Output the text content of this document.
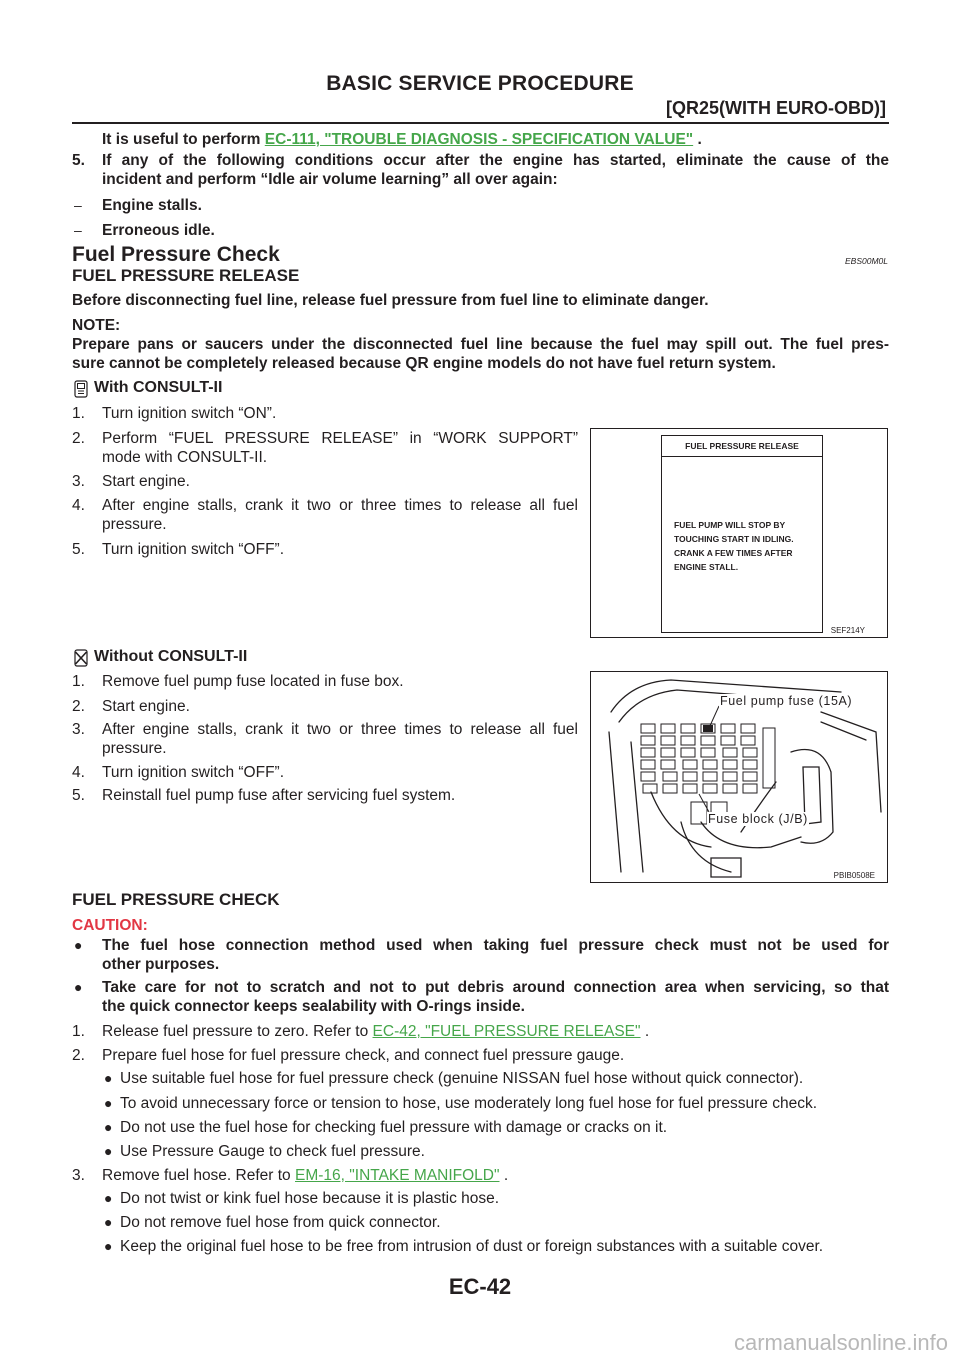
BASIC SERVICE PROCEDURE
[QR25(WITH EURO-OBD)]
It is useful to perform EC-111, "TROUBLE DIAGNOSIS - SPECIFICATION VALUE" .
5. If any of the following conditions occur after the engine has started, eliminate the cause of the
incident and perform “Idle air volume learning” all over again:
– Engine stalls.
– Erroneous idle.
Fuel Pressure Check	EBS00M0L
FUEL PRESSURE RELEASE
Before disconnecting fuel line, release fuel pressure from fuel line to eliminate danger.
NOTE:
Prepare pans or saucers under the disconnected fuel line because the fuel may spill out. The fuel pres-
sure cannot be completely released because QR engine models do not have fuel return system.
With CONSULT-II
1. Turn ignition switch “ON”.
2. Perform “FUEL PRESSURE RELEASE” in “WORK SUPPORT”
mode with CONSULT-II.
3. Start engine.
4. After engine stalls, crank it two or three times to release all fuel
pressure.
5. Turn ignition switch “OFF”.
FUEL PRESSURE RELEASE
FUEL PUMP WILL STOP BY
TOUCHING START IN IDLING.
CRANK A FEW TIMES AFTER
ENGINE STALL.
SEF214Y
Without CONSULT-II
1. Remove fuel pump fuse located in fuse box.
2. Start engine.
3. After engine stalls, crank it two or three times to release all fuel
pressure.
4. Turn ignition switch “OFF”.
5. Reinstall fuel pump fuse after servicing fuel system.
Fuel pump fuse (15A)
Fuse block (J/B)
PBIB0508E
FUEL PRESSURE CHECK
CAUTION:
● The fuel hose connection method used when taking fuel pressure check must not be used for
other purposes.
● Take care for not to scratch and not to put debris around connection area when servicing, so that
the quick connector keeps sealability with O-rings inside.
1. Release fuel pressure to zero. Refer to EC-42, "FUEL PRESSURE RELEASE" .
2. Prepare fuel hose for fuel pressure check, and connect fuel pressure gauge.
● Use suitable fuel hose for fuel pressure check (genuine NISSAN fuel hose without quick connector).
● To avoid unnecessary force or tension to hose, use moderately long fuel hose for fuel pressure check.
● Do not use the fuel hose for checking fuel pressure with damage or cracks on it.
● Use Pressure Gauge to check fuel pressure.
3. Remove fuel hose. Refer to EM-16, "INTAKE MANIFOLD" .
● Do not twist or kink fuel hose because it is plastic hose.
● Do not remove fuel hose from quick connector.
● Keep the original fuel hose to be free from intrusion of dust or foreign substances with a suitable cover.
EC-42
carmanualsonline.info
